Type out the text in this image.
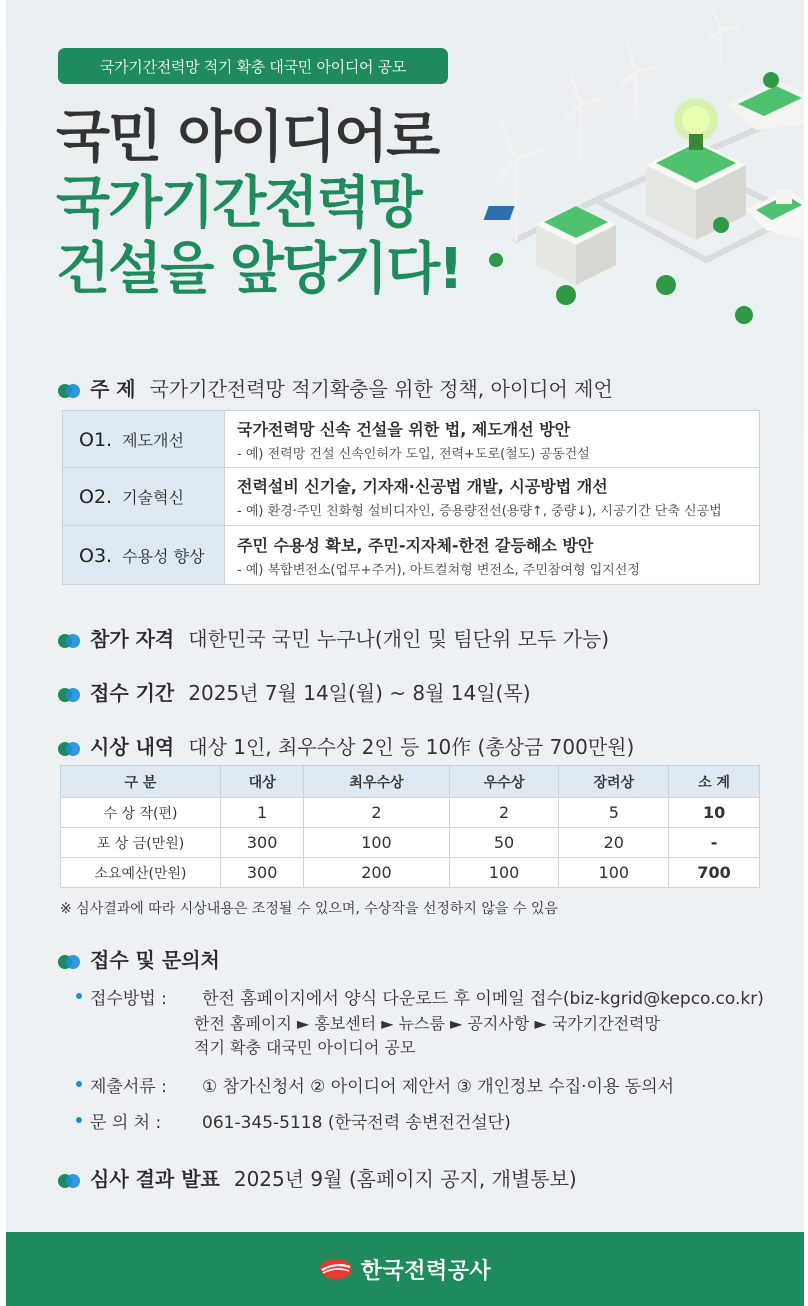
국가기간전력망 적기 확충 대국민 아이디어 공모
국민 아이디어로
국가기간전력망
건설을 앞당기다!
주 제 국가기간전력망 적기확충을 위한 정책, 아이디어 제언
O1. 제도개선	국가전력망 신속 건설을 위한 법, 제도개선 방안
- 예) 전력망 건설 신속인허가 도입, 전력+도로(철도) 공동건설

O2. 기술혁신	전력설비 신기술, 기자재·신공법 개발, 시공방법 개선
- 예) 환경·주민 친화형 설비디자인, 증용량전선(용량↑, 중량↓), 시공기간 단축 신공법

O3. 수용성 향상	주민 수용성 확보, 주민-지자체-한전 갈등해소 방안
- 예) 복합변전소(업무+주거), 아트컬쳐형 변전소, 주민참여형 입지선정
참가 자격 대한민국 국민 누구나(개인 및 팀단위 모두 가능)
접수 기간 2025년 7월 14일(월) ~ 8월 14일(목)
시상 내역 대상 1인, 최우수상 2인 등 10作 (총상금 700만원)
구 분	대상	최우수상	우수상	장려상	소 계
수 상 작(편)	1	2	2	5	10
포 상 금(만원)	300	100	50	20	-
소요예산(만원)	300	200	100	100	700
※ 심사결과에 따라 시상내용은 조정될 수 있으며, 수상작을 선정하지 않을 수 있음
접수 및 문의처
접수방법 :	한전 홈페이지에서 양식 다운로드 후 이메일 접수(biz-kgrid@kepco.co.kr)
한전 홈페이지 ► 홍보센터 ► 뉴스룸 ► 공지사항 ► 국가기간전력망
적기 확충 대국민 아이디어 공모
제출서류 :	① 참가신청서 ② 아이디어 제안서 ③ 개인정보 수집·이용 동의서
문 의 처 :	061-345-5118 (한국전력 송변전건설단)
심사 결과 발표 2025년 9월 (홈페이지 공지, 개별통보)
한국전력공사
